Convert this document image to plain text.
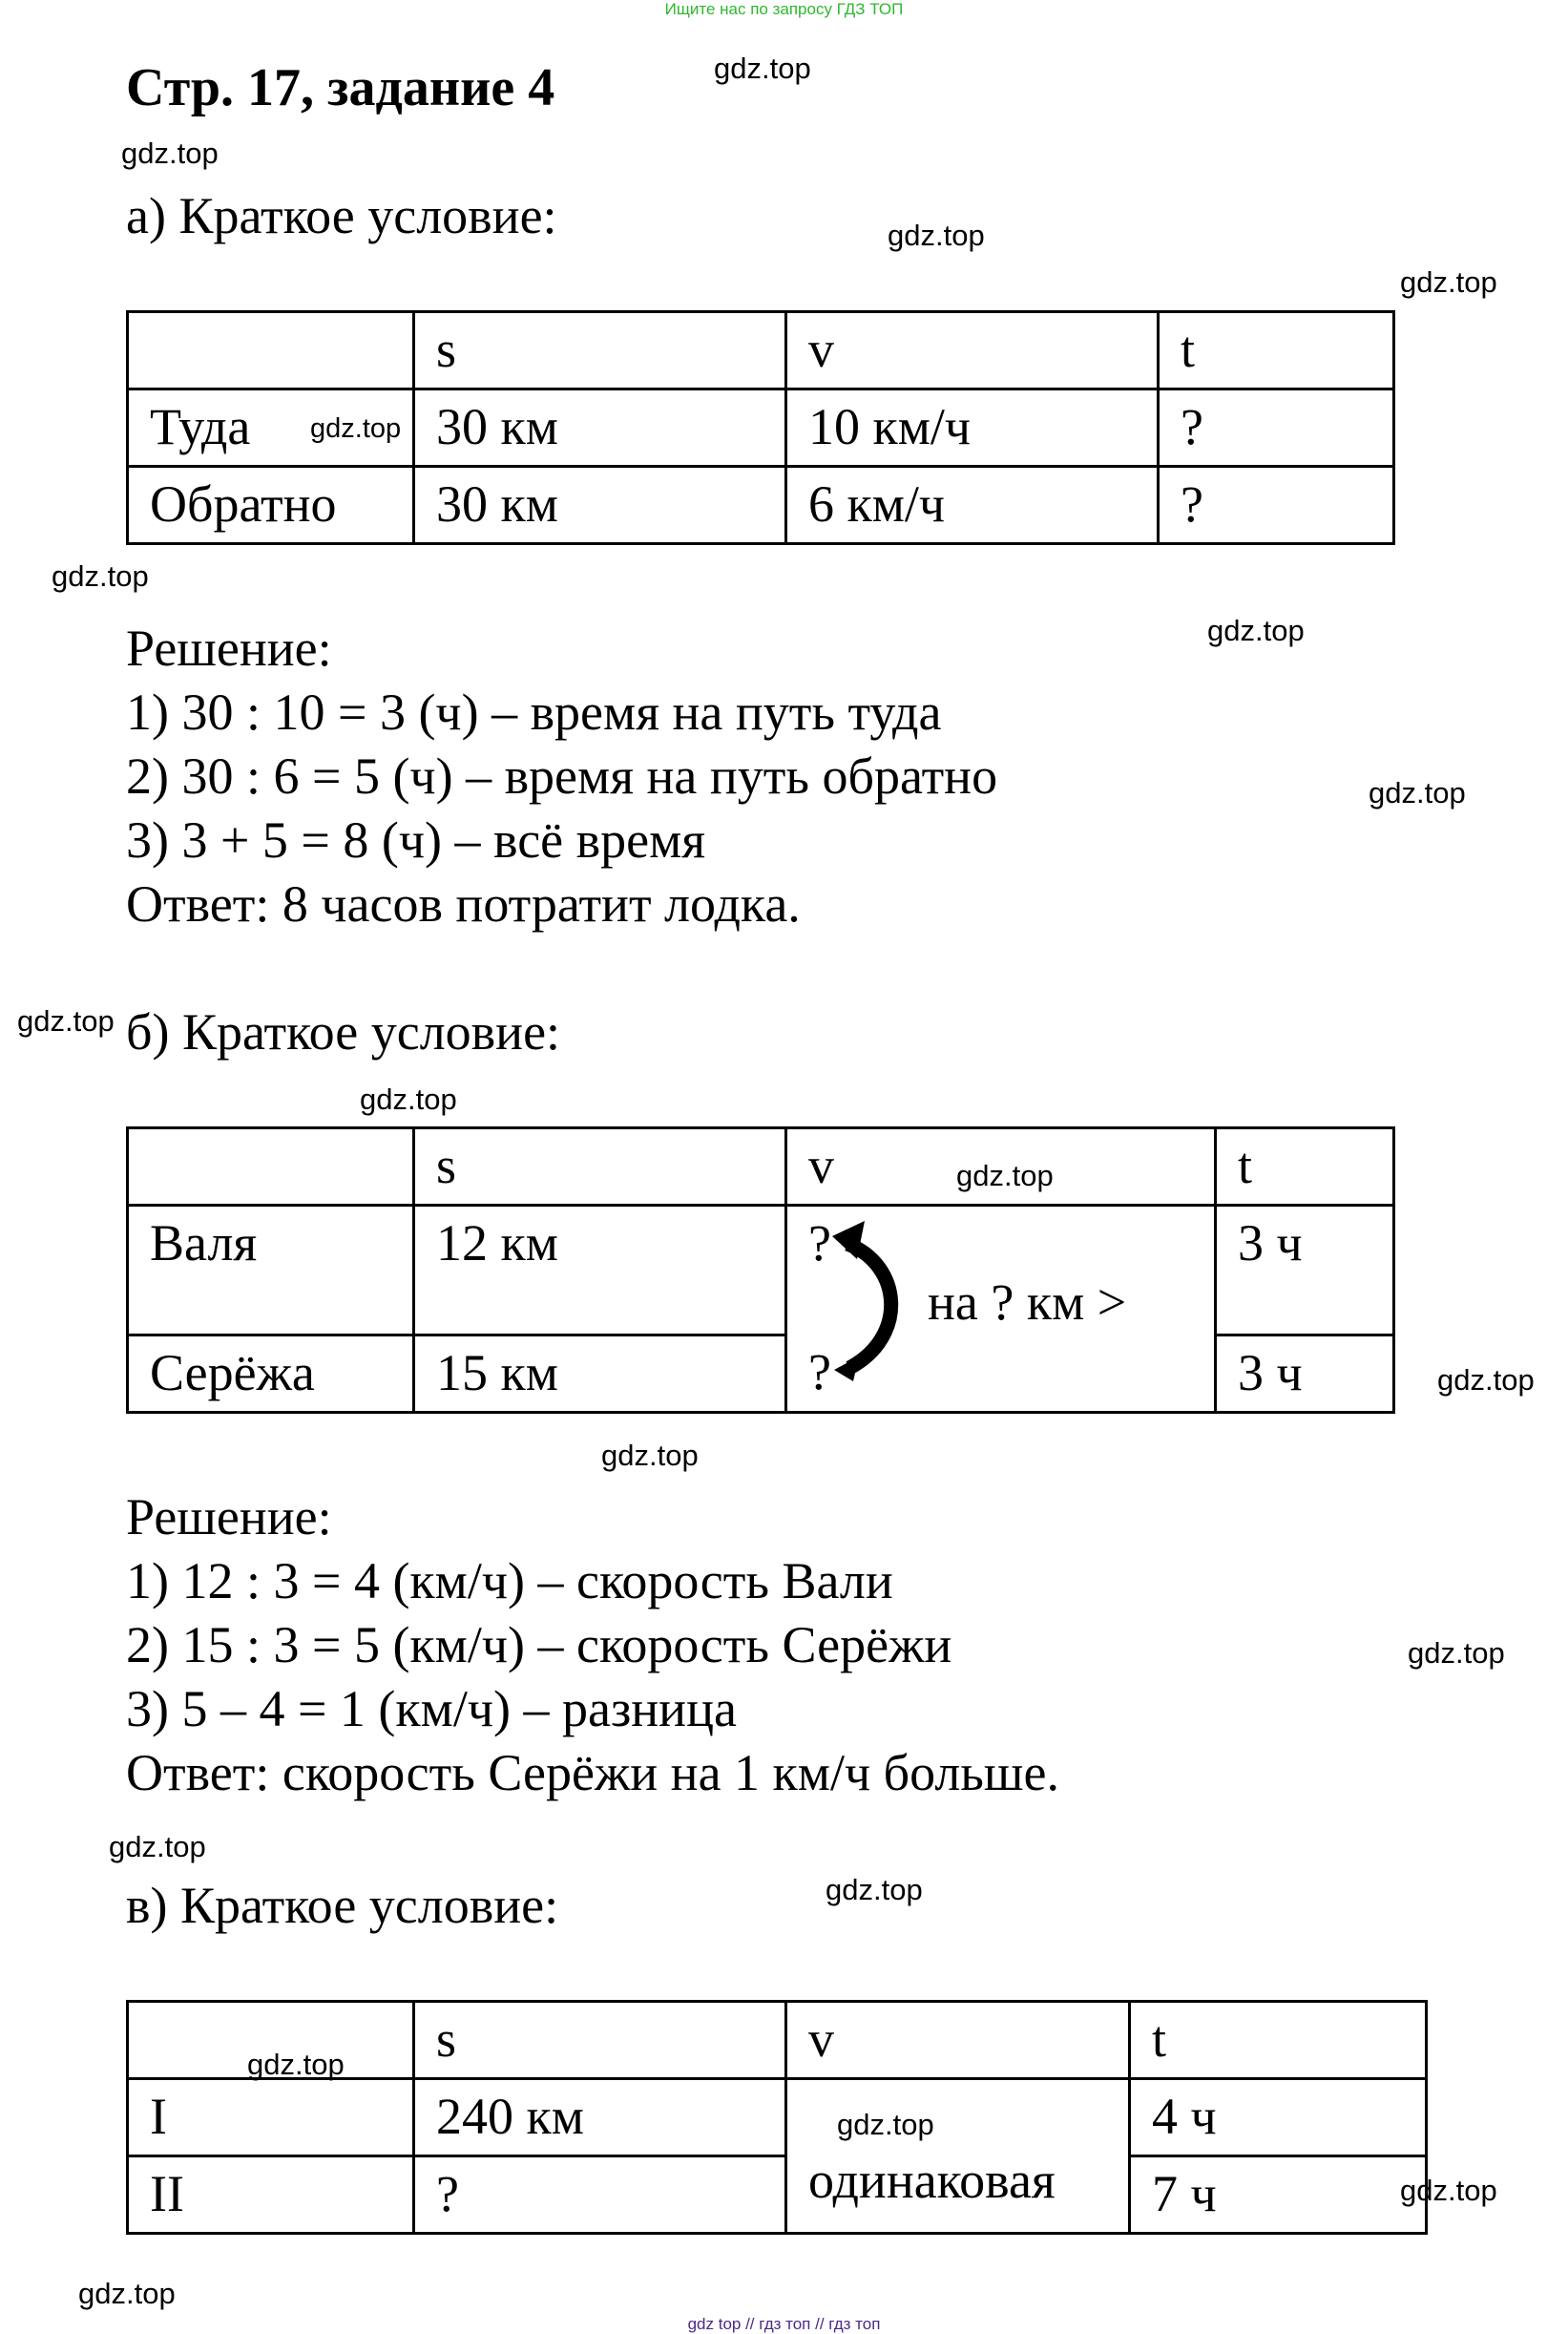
Ищите нас по запросу ГДЗ ТОП
Стр. 17, задание 4
а) Краткое условие:
	s	v	t
Туда	30 км	10 км/ч	?
Обратно	30 км	6 км/ч	?
Решение:
1) 30 : 10 = 3 (ч) – время на путь туда
2) 30 : 6 = 5 (ч) – время на путь обратно
3) 3 + 5 = 8 (ч) – всё время
Ответ: 8 часов потратит лодка.
б) Краткое условие:
	s	v	t
Валя	12 км	?	3 ч
Серёжа	15 км	?	3 ч
на ? км >
Решение:
1) 12 : 3 = 4 (км/ч) – скорость Вали
2) 15 : 3 = 5 (км/ч) – скорость Серёжи
3) 5 – 4 = 1 (км/ч) – разница
Ответ: скорость Серёжи на 1 км/ч больше.
в) Краткое условие:
	s	v	t
I	240 км	одинаковая	4 ч
II	?		7 ч
gdz.top
gdz.top
gdz.top
gdz.top
gdz.top
gdz.top
gdz.top
gdz.top
gdz.top
gdz.top
gdz.top
gdz.top
gdz.top
gdz.top
gdz.top
gdz.top
gdz.top
gdz.top
gdz.top
gdz.top
gdz top // гдз топ // гдз топ
